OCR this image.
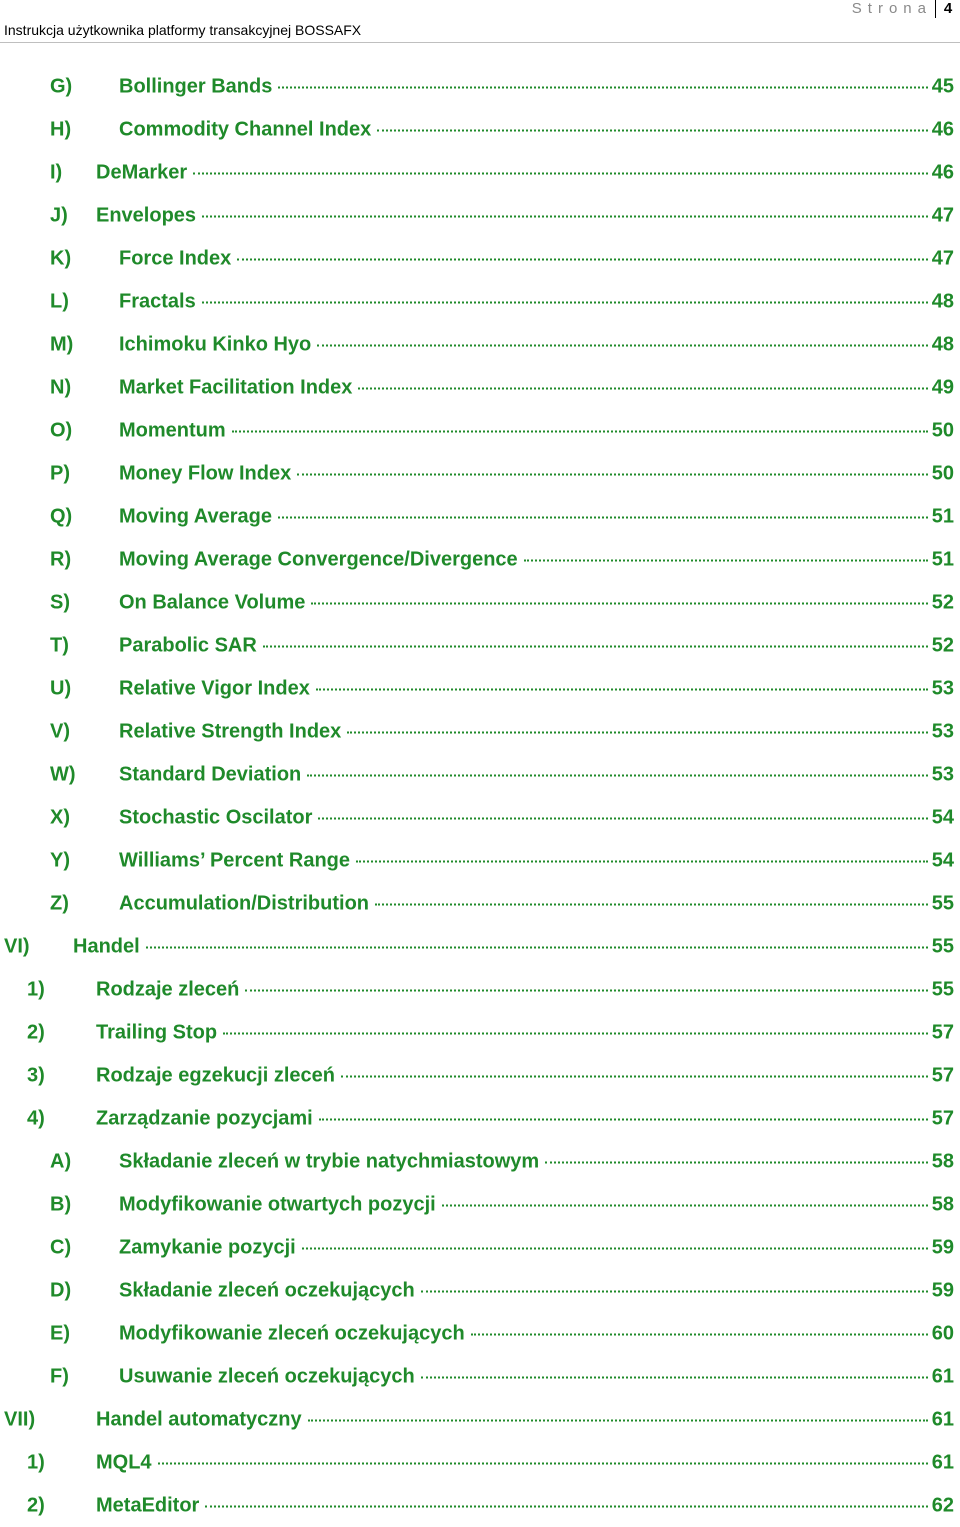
Instrukcja użytkownika platformy transakcyjnej BOSSAFX
Strona 4
G) Bollinger Bands	45
H) Commodity Channel Index	46
I) DeMarker	46
J) Envelopes	47
K) Force Index	47
L)	Fractals	48
M) Ichimoku Kinko Hyo	48
N) Market Facilitation Index	49
O) Momentum	50
P) Money Flow Index	50
Q) Moving Average	51
R) Moving Average Convergence/Divergence	51
S) On Balance Volume	52
T)	Parabolic SAR	52
U) Relative Vigor Index	53
V) Relative Strength Index	53
W) Standard Deviation	53
X) Stochastic Oscilator	54
Y) Williams’ Percent Range	54
Z)	Accumulation/Distribution	55
VI) Handel	55
1)	Rodzaje zleceń	55
2)	Trailing Stop	57
3)	Rodzaje egzekucji zleceń	57
4)	Zarządzanie pozycjami	57
A) Składanie zleceń w trybie natychmiastowym	58
B) Modyfikowanie otwartych pozycji	58
C) Zamykanie pozycji	59
D) Składanie zleceń oczekujących	59
E) Modyfikowanie zleceń oczekujących	60
F)	Usuwanie zleceń oczekujących	61
VII)	Handel automatyczny	61
1)	MQL4	61
2)	MetaEditor	62
